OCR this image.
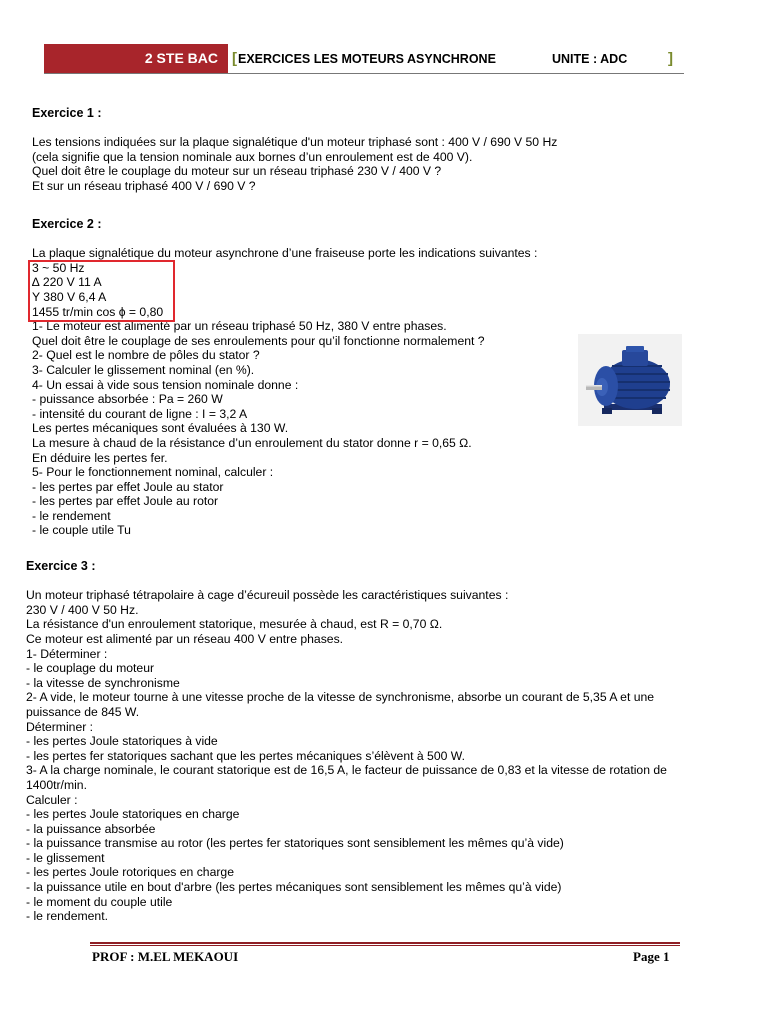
2 STE BAC [ EXERCICES LES MOTEURS ASYNCHRONE	UNITE : ADC	]

Exercice 1 :

Les tensions indiquées sur la plaque signalétique d'un moteur triphasé sont : 400 V / 690 V 50 Hz

(cela signifie que la tension nominale aux bornes d’un enroulement est de 400 V).

Quel doit être le couplage du moteur sur un réseau triphasé 230 V / 400 V ?

Et sur un réseau triphasé 400 V / 690 V ?

Exercice 2 :

La plaque signalétique du moteur asynchrone d’une fraiseuse porte les indications suivantes :

3 ~ 50 Hz

∆ 220 V 11 A

Y 380 V 6,4 A

1455 tr/min cos ϕ = 0,80

1- Le moteur est alimenté par un réseau triphasé 50 Hz, 380 V entre phases.

Quel doit être le couplage de ses enroulements pour qu’il fonctionne normalement ?

2- Quel est le nombre de pôles du stator ?

3- Calculer le glissement nominal (en %).

4- Un essai à vide sous tension nominale donne :

- puissance absorbée : Pa = 260 W

- intensité du courant de ligne : I = 3,2 A

Les pertes mécaniques sont évaluées à 130 W.

La mesure à chaud de la résistance d’un enroulement du stator donne r = 0,65 Ω.

En déduire les pertes fer.

5- Pour le fonctionnement nominal, calculer :

- les pertes par effet Joule au stator

- les pertes par effet Joule au rotor

- le rendement

- le couple utile Tu

Exercice 3 :

Un moteur triphasé tétrapolaire à cage d’écureuil possède les caractéristiques suivantes :

230 V / 400 V 50 Hz.

La résistance d'un enroulement statorique, mesurée à chaud, est R = 0,70 Ω.

Ce moteur est alimenté par un réseau 400 V entre phases.

1- Déterminer :

- le couplage du moteur

- la vitesse de synchronisme

2- A vide, le moteur tourne à une vitesse proche de la vitesse de synchronisme, absorbe un courant de 5,35 A et une

puissance de 845 W.

Déterminer :

- les pertes Joule statoriques à vide

- les pertes fer statoriques sachant que les pertes mécaniques s’élèvent à 500 W.

3- A la charge nominale, le courant statorique est de 16,5 A, le facteur de puissance de 0,83 et la vitesse de rotation de

1400tr/min.

Calculer :

- les pertes Joule statoriques en charge

- la puissance absorbée

- la puissance transmise au rotor (les pertes fer statoriques sont sensiblement les mêmes qu’à vide)

- le glissement

- les pertes Joule rotoriques en charge

- la puissance utile en bout d'arbre (les pertes mécaniques sont sensiblement les mêmes qu’à vide)

- le moment du couple utile

- le rendement.

PROF : M.EL MEKAOUI	Page 1
